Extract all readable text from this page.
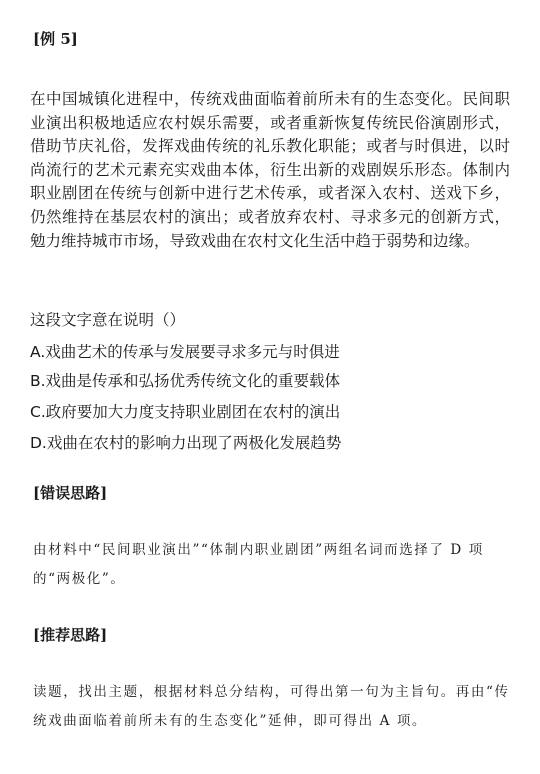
[例 5]
在中国城镇化进程中，传统戏曲面临着前所未有的生态变化。民间职业演出积极地适应农村娱乐需要，或者重新恢复传统民俗演剧形式，借助节庆礼俗，发挥戏曲传统的礼乐教化职能；或者与时俱进，以时尚流行的艺术元素充实戏曲本体，衍生出新的戏剧娱乐形态。体制内职业剧团在传统与创新中进行艺术传承，或者深入农村、送戏下乡，仍然维持在基层农村的演出；或者放弃农村、寻求多元的创新方式，勉力维持城市市场，导致戏曲在农村文化生活中趋于弱势和边缘。
这段文字意在说明（）
A.戏曲艺术的传承与发展要寻求多元与时俱进
B.戏曲是传承和弘扬优秀传统文化的重要载体
C.政府要加大力度支持职业剧团在农村的演出
D.戏曲在农村的影响力出现了两极化发展趋势
[错误思路]
由材料中“民间职业演出”“体制内职业剧团”两组名词而选择了 D 项的“两极化”。
[推荐思路]
读题，找出主题，根据材料总分结构，可得出第一句为主旨句。再由“传统戏曲面临着前所未有的生态变化”延伸，即可得出 A 项。
